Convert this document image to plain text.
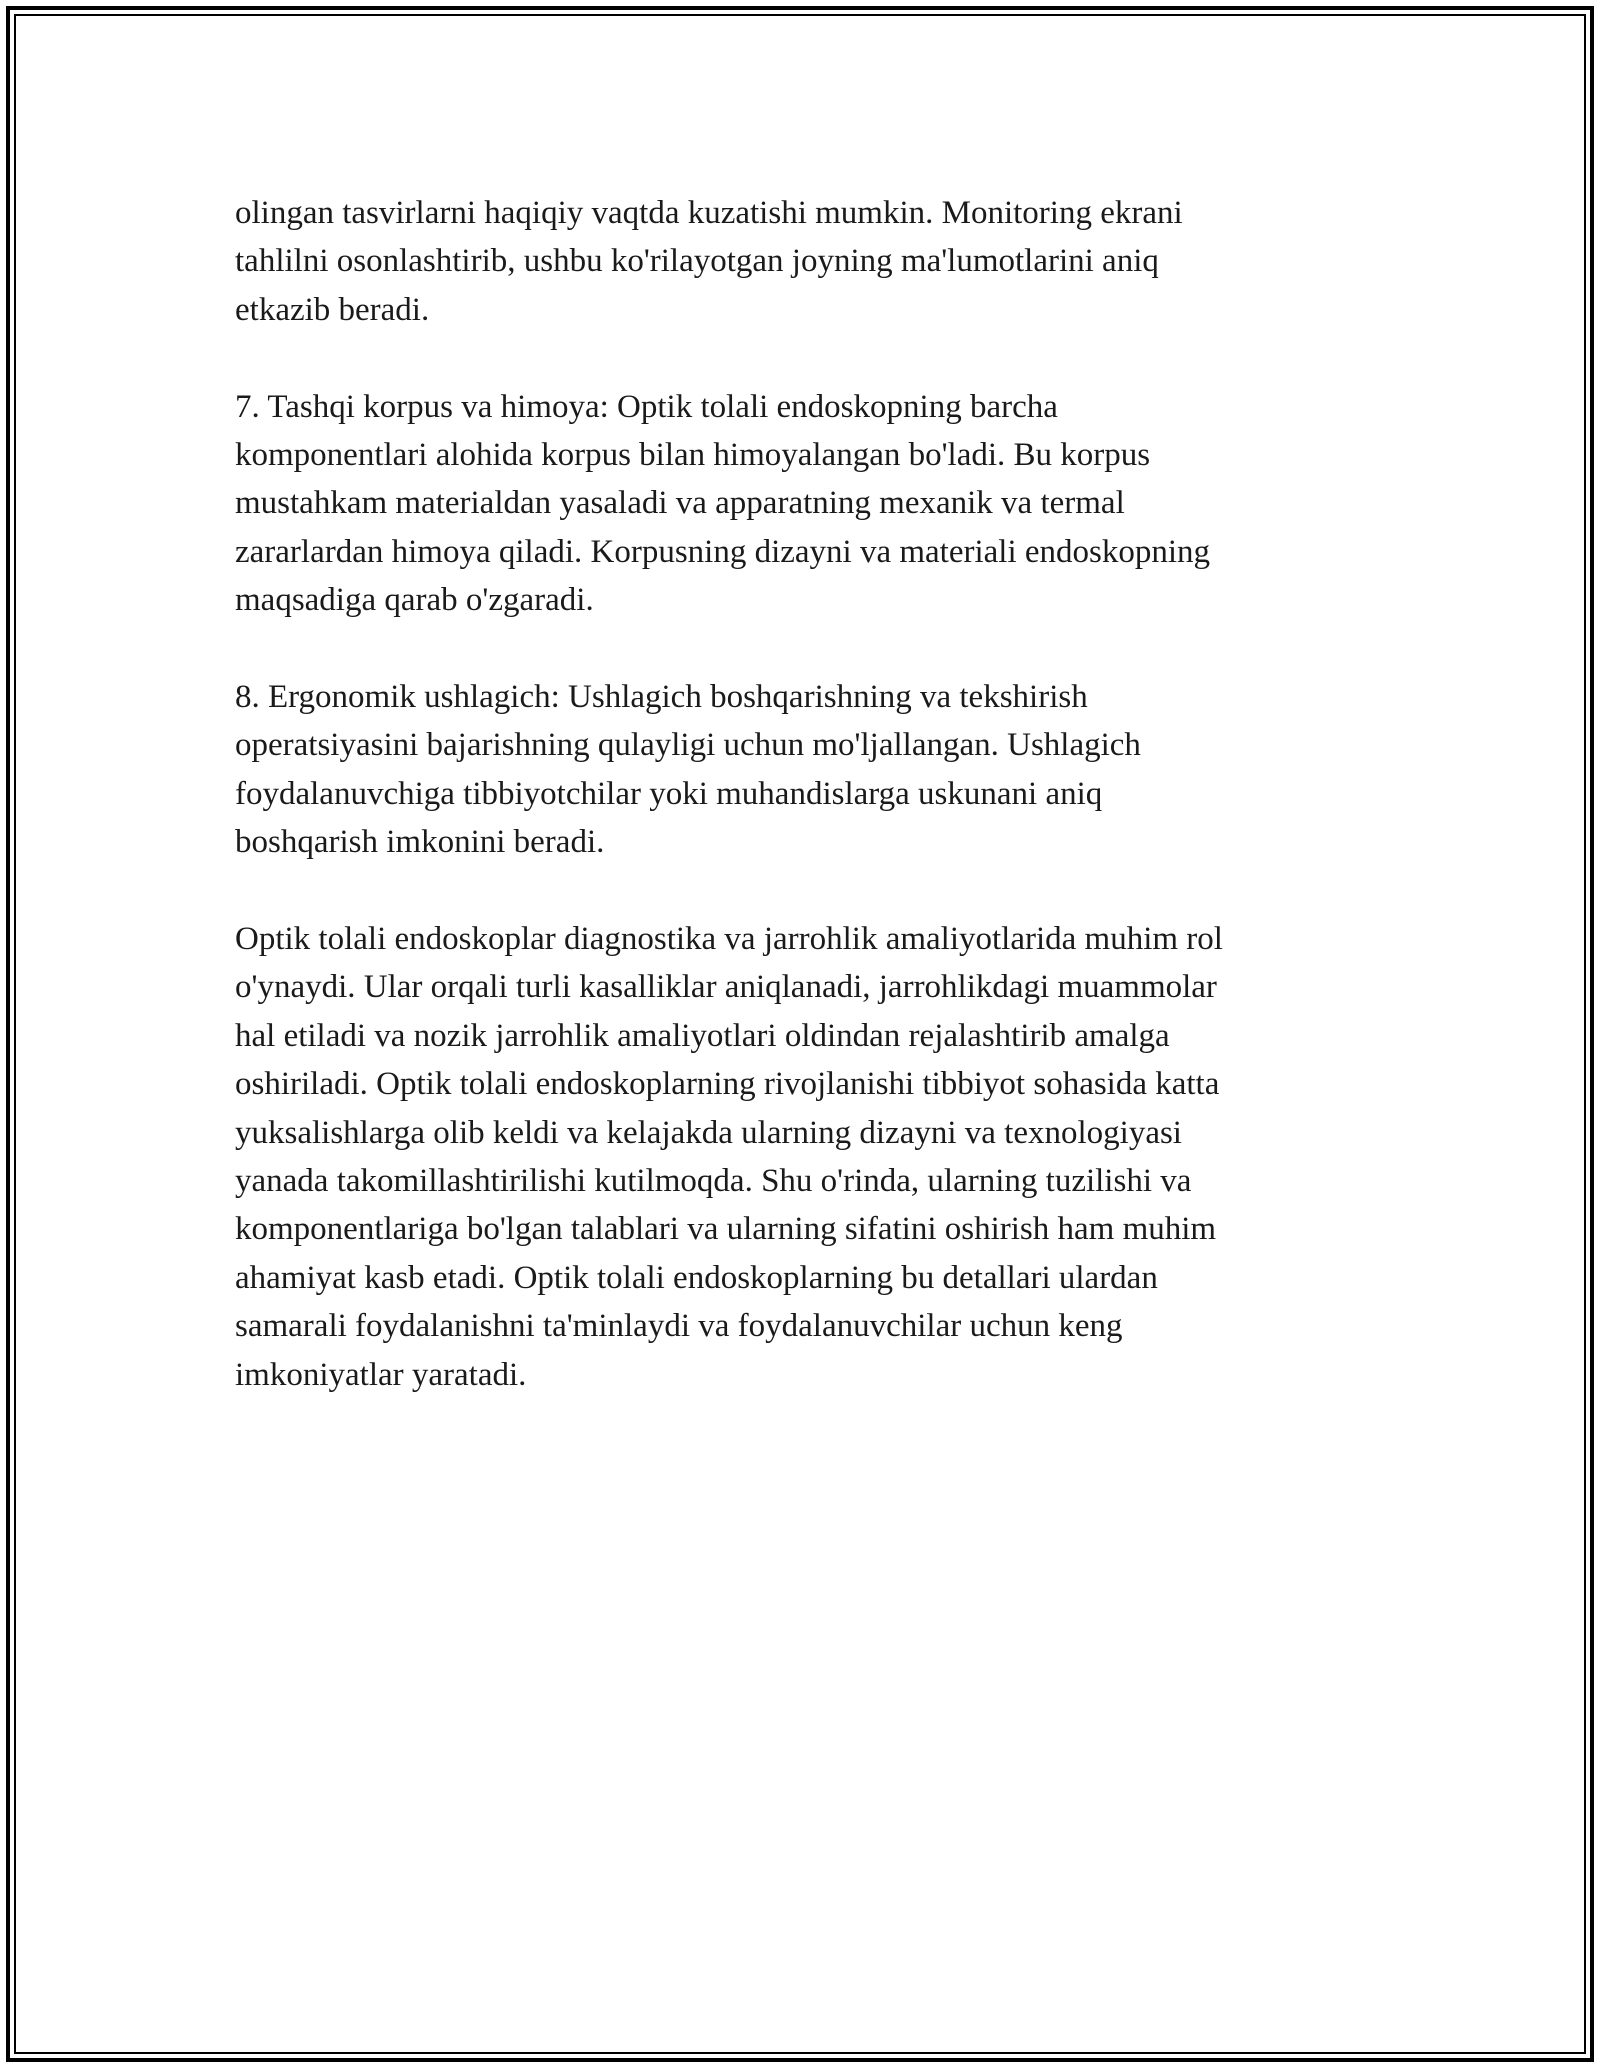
olingan tasvirlarni haqiqiy vaqtda kuzatishi mumkin. Monitoring ekrani
tahlilni osonlashtirib, ushbu ko'rilayotgan joyning ma'lumotlarini aniq
etkazib beradi.

7. Tashqi korpus va himoya: Optik tolali endoskopning barcha
komponentlari alohida korpus bilan himoyalangan bo'ladi. Bu korpus
mustahkam materialdan yasaladi va apparatning mexanik va termal
zararlardan himoya qiladi. Korpusning dizayni va materiali endoskopning
maqsadiga qarab o'zgaradi.

8. Ergonomik ushlagich: Ushlagich boshqarishning va tekshirish
operatsiyasini bajarishning qulayligi uchun mo'ljallangan. Ushlagich
foydalanuvchiga tibbiyotchilar yoki muhandislarga uskunani aniq
boshqarish imkonini beradi.

Optik tolali endoskoplar diagnostika va jarrohlik amaliyotlarida muhim rol
o'ynaydi. Ular orqali turli kasalliklar aniqlanadi, jarrohlikdagi muammolar
hal etiladi va nozik jarrohlik amaliyotlari oldindan rejalashtirib amalga
oshiriladi. Optik tolali endoskoplarning rivojlanishi tibbiyot sohasida katta
yuksalishlarga olib keldi va kelajakda ularning dizayni va texnologiyasi
yanada takomillashtirilishi kutilmoqda. Shu o'rinda, ularning tuzilishi va
komponentlariga bo'lgan talablari va ularning sifatini oshirish ham muhim
ahamiyat kasb etadi. Optik tolali endoskoplarning bu detallari ulardan
samarali foydalanishni ta'minlaydi va foydalanuvchilar uchun keng
imkoniyatlar yaratadi.
